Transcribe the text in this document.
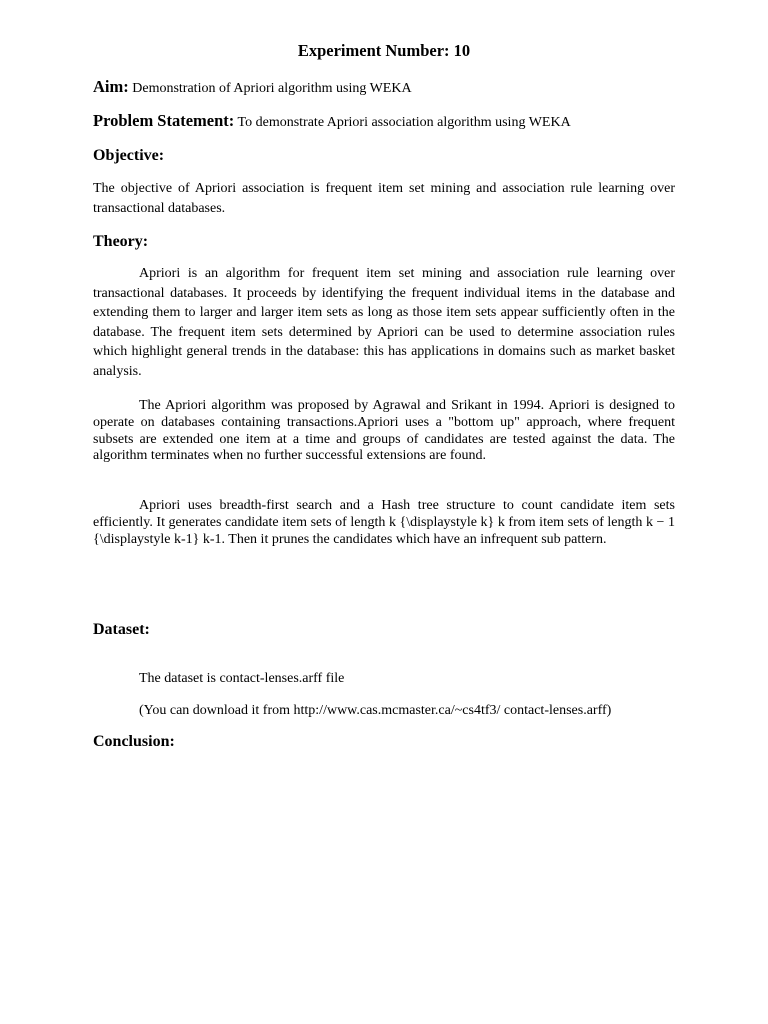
Experiment Number: 10
Aim: Demonstration of Apriori algorithm using WEKA
Problem Statement: To demonstrate Apriori association algorithm using WEKA
Objective:
The objective of Apriori association is frequent item set mining and association rule learning over transactional databases.
Theory:
Apriori is an algorithm for frequent item set mining and association rule learning over transactional databases. It proceeds by identifying the frequent individual items in the database and extending them to larger and larger item sets as long as those item sets appear sufficiently often in the database. The frequent item sets determined by Apriori can be used to determine association rules which highlight general trends in the database: this has applications in domains such as market basket analysis.
The Apriori algorithm was proposed by Agrawal and Srikant in 1994. Apriori is designed to operate on databases containing transactions.Apriori uses a "bottom up" approach, where frequent subsets are extended one item at a time and groups of candidates are tested against the data. The algorithm terminates when no further successful extensions are found.
Apriori uses breadth-first search and a Hash tree structure to count candidate item sets efficiently. It generates candidate item sets of length k {\displaystyle k} k from item sets of length k − 1 {\displaystyle k-1} k-1. Then it prunes the candidates which have an infrequent sub pattern.
Dataset:
The dataset is contact-lenses.arff file
(You can download it from http://www.cas.mcmaster.ca/~cs4tf3/ contact-lenses.arff)
Conclusion:
